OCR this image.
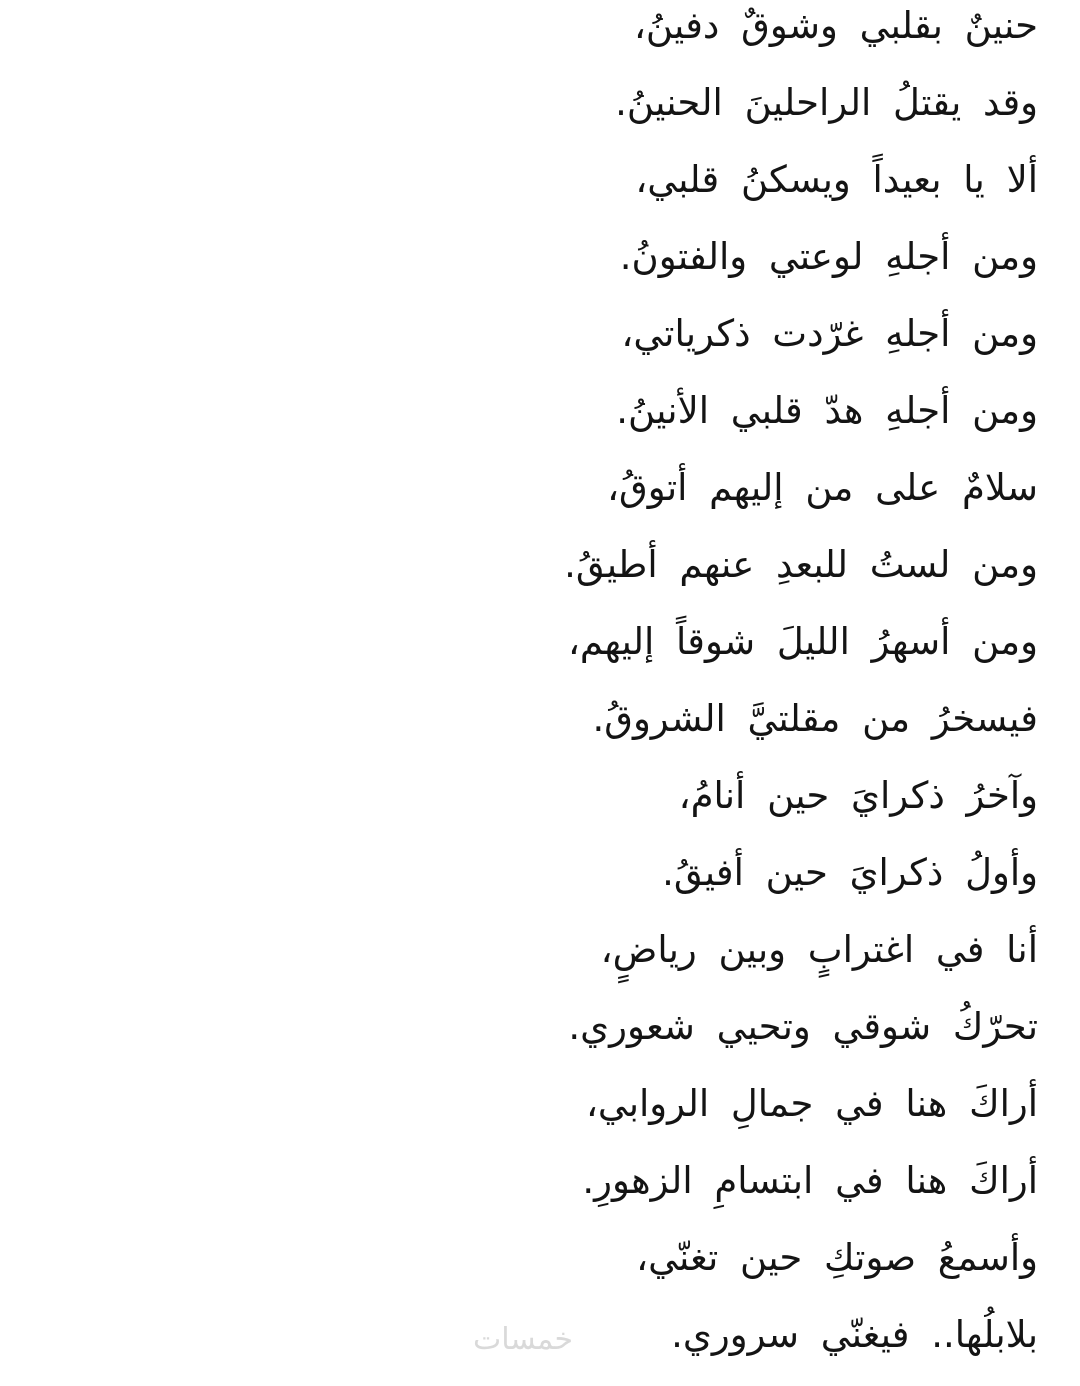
حنينٌ بقلبي وشوقٌ دفينُ،
وقد يقتلُ الراحلينَ الحنينُ.
ألا يا بعيداً ويسكنُ قلبي،
ومن أجلهِ لوعتي والفتونُ.
ومن أجلهِ غرّدت ذكرياتي،
ومن أجلهِ هدّ قلبي الأنينُ.
سلامٌ على من إليهم أتوقُ،
ومن لستُ للبعدِ عنهم أطيقُ.
ومن أسهرُ الليلَ شوقاً إليهم،
فيسخرُ من مقلتيَّ الشروقُ.
وآخرُ ذكرايَ حين أنامُ،
وأولُ ذكرايَ حين أفيقُ.
أنا في اغترابٍ وبين رياضٍ،
تحرّكُ شوقي وتحيي شعوري.
أراكَ هنا في جمالِ الروابي،
أراكَ هنا في ابتسامِ الزهورِ.
وأسمعُ صوتكِ حين تغنّي،
بلابلُها.. فيغنّي سروري.
خمسات
